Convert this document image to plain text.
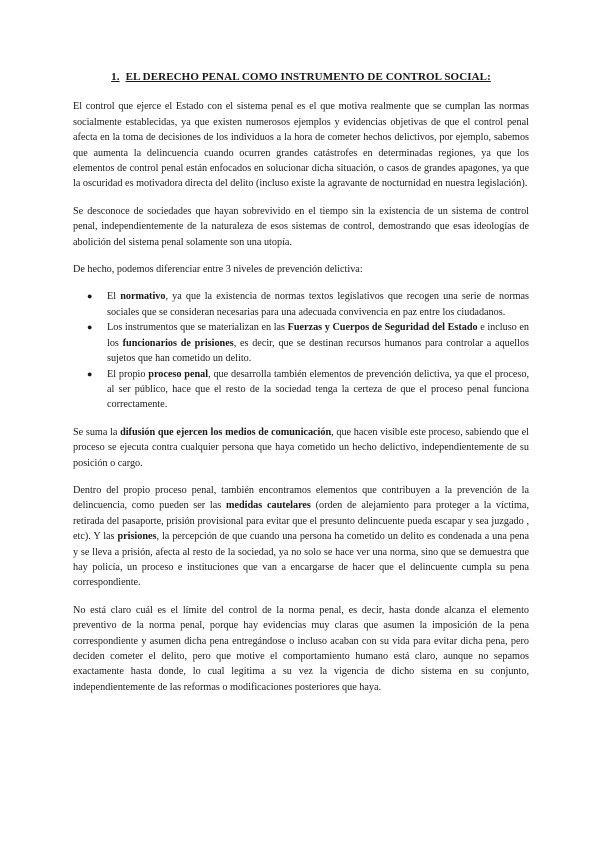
1. EL DERECHO PENAL COMO INSTRUMENTO DE CONTROL SOCIAL:

El control que ejerce el Estado con el sistema penal es el que motiva realmente que se cumplan las normas socialmente establecidas, ya que existen numerosos ejemplos y evidencias objetivas de que el control penal afecta en la toma de decisiones de los individuos a la hora de cometer hechos delictivos, por ejemplo, sabemos que aumenta la delincuencia cuando ocurren grandes catástrofes en determinadas regiones, ya que los elementos de control penal están enfocados en solucionar dicha situación, o casos de grandes apagones, ya que la oscuridad es motivadora directa del delito (incluso existe la agravante de nocturnidad en nuestra legislación).

Se desconoce de sociedades que hayan sobrevivido en el tiempo sin la existencia de un sistema de control penal, independientemente de la naturaleza de esos sistemas de control, demostrando que esas ideologías de abolición del sistema penal solamente son una utopía.

De hecho, podemos diferenciar entre 3 niveles de prevención delictiva:

● El normativo, ya que la existencia de normas textos legislativos que recogen una serie de normas sociales que se consideran necesarias para una adecuada convivencia en paz entre los ciudadanos.
● Los instrumentos que se materializan en las Fuerzas y Cuerpos de Seguridad del Estado e incluso en los funcionarios de prisiones, es decir, que se destinan recursos humanos para controlar a aquellos sujetos que han cometido un delito.
● El propio proceso penal, que desarrolla también elementos de prevención delictiva, ya que el proceso, al ser público, hace que el resto de la sociedad tenga la certeza de que el proceso penal funciona correctamente.

Se suma la difusión que ejercen los medios de comunicación, que hacen visible este proceso, sabiendo que el proceso se ejecuta contra cualquier persona que haya cometido un hecho delictivo, independientemente de su posición o cargo.

Dentro del propio proceso penal, también encontramos elementos que contribuyen a la prevención de la delincuencia, como pueden ser las medidas cautelares (orden de alejamiento para proteger a la víctima, retirada del pasaporte, prisión provisional para evitar que el presunto delincuente pueda escapar y sea juzgado , etc). Y las prisiones, la percepción de que cuando una persona ha cometido un delito es condenada a una pena y se lleva a prisión, afecta al resto de la sociedad, ya no solo se hace ver una norma, sino que se demuestra que hay policía, un proceso e instituciones que van a encargarse de hacer que el delincuente cumpla su pena correspondiente.

No está claro cuál es el límite del control de la norma penal, es decir, hasta donde alcanza el elemento preventivo de la norma penal, porque hay evidencias muy claras que asumen la imposición de la pena correspondiente y asumen dicha pena entregándose o incluso acaban con su vida para evitar dicha pena, pero deciden cometer el delito, pero que motive el comportamiento humano está claro, aunque no sepamos exactamente hasta donde, lo cual legitima a su vez la vigencia de dicho sistema en su conjunto, independientemente de las reformas o modificaciones posteriores que haya.
